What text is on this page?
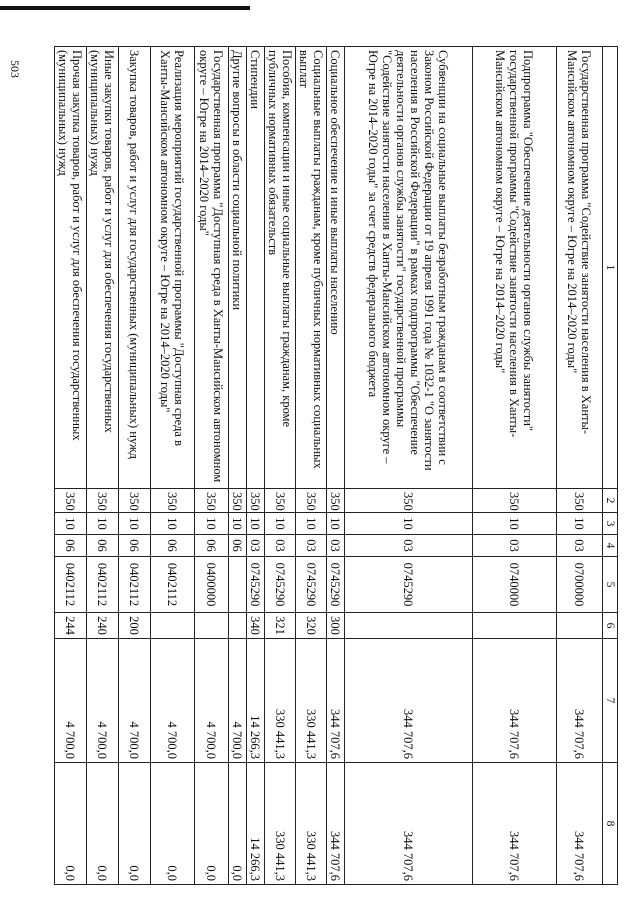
503
1	2	3	4	5	6	7	8
Государственная программа "Содействие занятости населения в Ханты-Мансийском автономном округе – Югре на 2014–2020 годы"	350	10	03	0700000		344 707,6	344 707,6
Подпрограмма "Обеспечение деятельности органов службы занятости" государственной программы "Содействие занятости населения в Ханты-Мансийском автономном округе – Югре на 2014–2020 годы"	350	10	03	0740000		344 707,6	344 707,6
Субвенции на социальные выплаты безработным гражданам в соответствии с Законом Российской Федерации от 19 апреля 1991 года № 1032-1 "О занятости населения в Российской Федерации" в рамках подпрограммы "Обеспечение деятельности органов службы занятости" государственной программы "Содействие занятости населения в Ханты-Мансийском автономном округе – Югре на 2014–2020 годы" за счет средств федерального бюджета	350	10	03	0745290		344 707,6	344 707,6
Социальное обеспечение и иные выплаты населению	350	10	03	0745290	300	344 707,6	344 707,6
Социальные выплаты гражданам, кроме публичных нормативных социальных выплат	350	10	03	0745290	320	330 441,3	330 441,3
Пособия, компенсации и иные социальные выплаты гражданам, кроме публичных нормативных обязательств	350	10	03	0745290	321	330 441,3	330 441,3
Стипендии	350	10	03	0745290	340	14 266,3	14 266,3
Другие вопросы в области социальной политики	350	10	06			4 700,0	0,0
Государственная программа "Доступная среда в Ханты-Мансийском автономном округе – Югре на 2014–2020 годы"	350	10	06	0400000		4 700,0	0,0
Реализация мероприятий государственной программы "Доступная среда в Ханты-Мансийском автономном округе – Югре на 2014–2020 годы"	350	10	06	0402112		4 700,0	0,0
Закупка товаров, работ и услуг для государственных (муниципальных) нужд	350	10	06	0402112	200	4 700,0	0,0
Иные закупки товаров, работ и услуг для обеспечения государственных (муниципальных) нужд	350	10	06	0402112	240	4 700,0	0,0
Прочая закупка товаров, работ и услуг для обеспечения государственных (муниципальных) нужд	350	10	06	0402112	244	4 700,0	0,0
